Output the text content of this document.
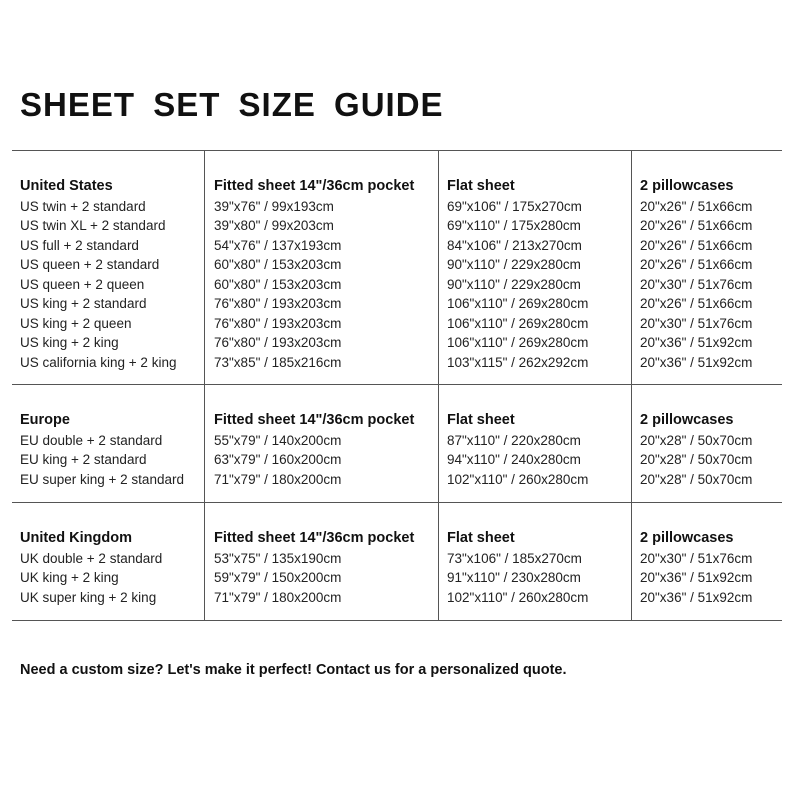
SHEET SET SIZE GUIDE
United States
US twin + 2 standard
US twin XL + 2 standard
US full + 2 standard
US queen + 2 standard
US queen + 2 queen
US king + 2 standard
US king + 2 queen
US king + 2 king
US california king + 2 king
Fitted sheet 14"/36cm pocket
39"x76" / 99x193cm
39"x80" / 99x203cm
54"x76" / 137x193cm
60"x80" / 153x203cm
60"x80" / 153x203cm
76"x80" / 193x203cm
76"x80" / 193x203cm
76"x80" / 193x203cm
73"x85" / 185x216cm
Flat sheet
69"x106" / 175x270cm
69"x110" / 175x280cm
84"x106" / 213x270cm
90"x110" / 229x280cm
90"x110" / 229x280cm
106"x110" / 269x280cm
106"x110" / 269x280cm
106"x110" / 269x280cm
103"x115" / 262x292cm
2 pillowcases
20"x26" / 51x66cm
20"x26" / 51x66cm
20"x26" / 51x66cm
20"x26" / 51x66cm
20"x30" / 51x76cm
20"x26" / 51x66cm
20"x30" / 51x76cm
20"x36" / 51x92cm
20"x36" / 51x92cm
Europe
EU double + 2 standard
EU king + 2 standard
EU super king + 2 standard
Fitted sheet 14"/36cm pocket
55"x79" / 140x200cm
63"x79" / 160x200cm
71"x79" / 180x200cm
Flat sheet
87"x110" / 220x280cm
94"x110" / 240x280cm
102"x110" / 260x280cm
2 pillowcases
20"x28" / 50x70cm
20"x28" / 50x70cm
20"x28" / 50x70cm
United Kingdom
UK double + 2 standard
UK king + 2 king
UK super king + 2 king
Fitted sheet 14"/36cm pocket
53"x75" / 135x190cm
59"x79" / 150x200cm
71"x79" / 180x200cm
Flat sheet
73"x106" / 185x270cm
91"x110" / 230x280cm
102"x110" / 260x280cm
2 pillowcases
20"x30" / 51x76cm
20"x36" / 51x92cm
20"x36" / 51x92cm

Need a custom size? Let's make it perfect! Contact us for a personalized quote.
